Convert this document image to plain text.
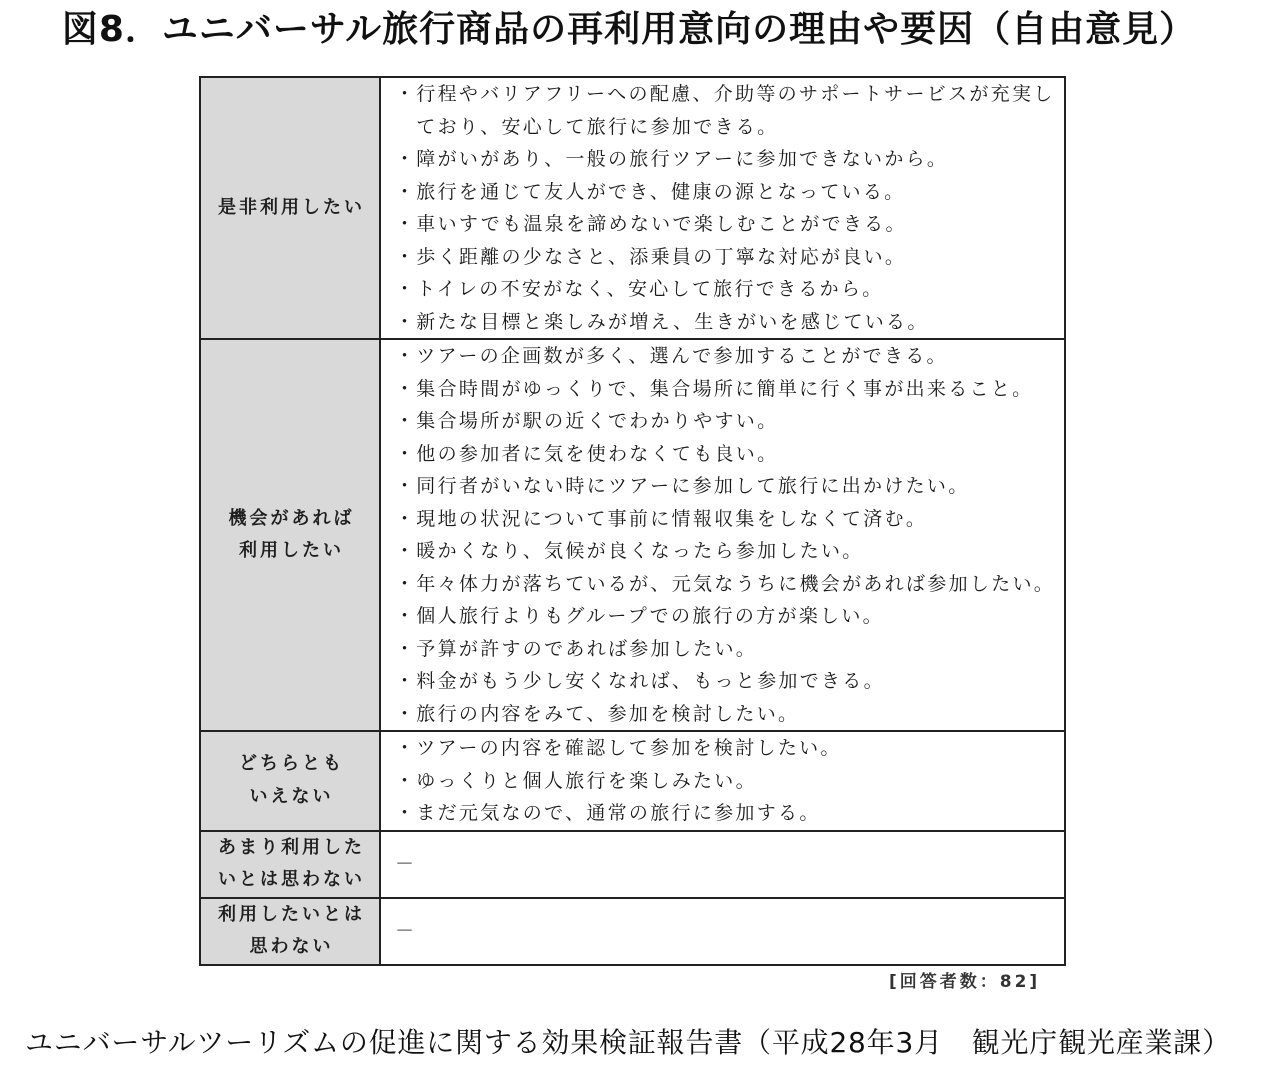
図8．ユニバーサル旅行商品の再利用意向の理由や要因（自由意見）
是非利用したい
・行程やバリアフリーへの配慮、介助等のサポートサービスが充実しており、安心して旅行に参加できる。
・障がいがあり、一般の旅行ツアーに参加できないから。
・旅行を通じて友人ができ、健康の源となっている。
・車いすでも温泉を諦めないで楽しむことができる。
・歩く距離の少なさと、添乗員の丁寧な対応が良い。
・トイレの不安がなく、安心して旅行できるから。
・新たな目標と楽しみが増え、生きがいを感じている。
機会があれば
利用したい
・ツアーの企画数が多く、選んで参加することができる。
・集合時間がゆっくりで、集合場所に簡単に行く事が出来ること。
・集合場所が駅の近くでわかりやすい。
・他の参加者に気を使わなくても良い。
・同行者がいない時にツアーに参加して旅行に出かけたい。
・現地の状況について事前に情報収集をしなくて済む。
・暖かくなり、気候が良くなったら参加したい。
・年々体力が落ちているが、元気なうちに機会があれば参加したい。
・個人旅行よりもグループでの旅行の方が楽しい。
・予算が許すのであれば参加したい。
・料金がもう少し安くなれば、もっと参加できる。
・旅行の内容をみて、参加を検討したい。
どちらとも
いえない
・ツアーの内容を確認して参加を検討したい。
・ゆっくりと個人旅行を楽しみたい。
・まだ元気なので、通常の旅行に参加する。
あまり利用した
いとは思わない
－
利用したいとは
思わない
－
[回答者数：82]
ユニバーサルツーリズムの促進に関する効果検証報告書（平成28年3月　観光庁観光産業課）
